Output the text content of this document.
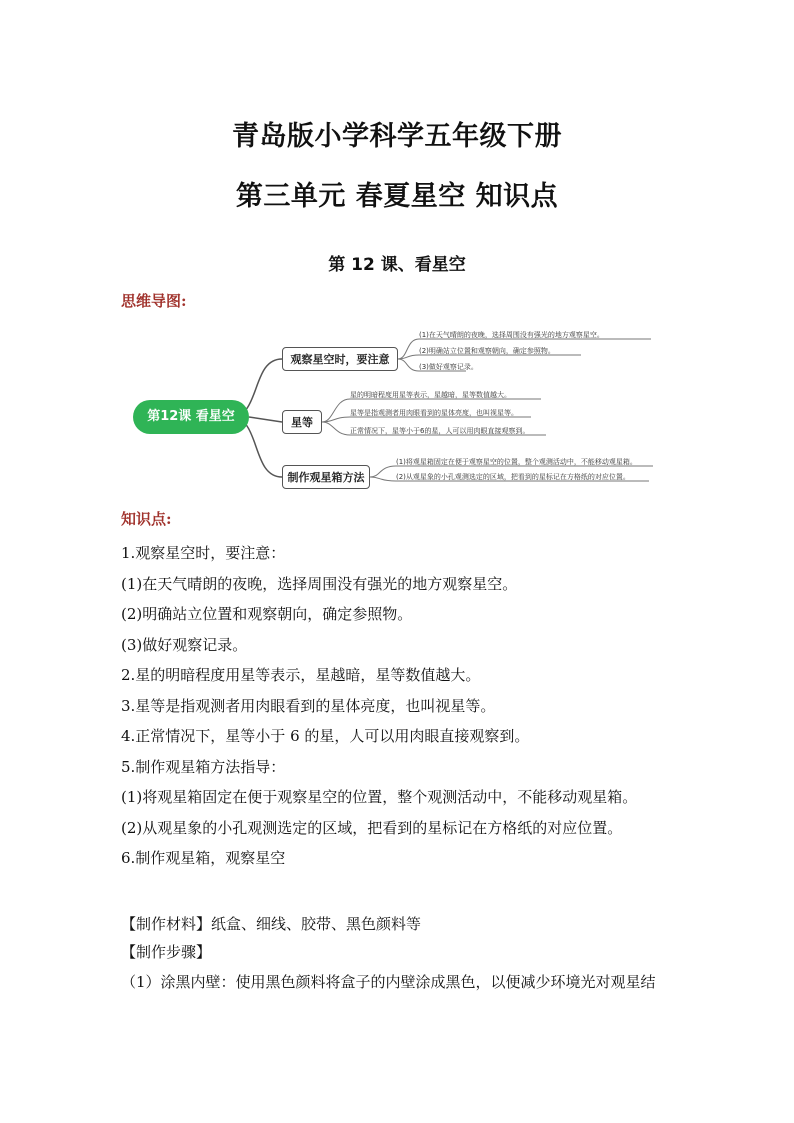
青岛版小学科学五年级下册
第三单元 春夏星空 知识点
第 12 课、看星空
思维导图:
第12课 看星空
观察星空时，要注意
星等
制作观星箱方法
(1)在天气晴朗的夜晚，选择周围没有强光的地方观察星空。
(2)明确站立位置和观察朝向，确定参照物。
(3)做好观察记录。
星的明暗程度用星等表示，星越暗，星等数值越大。
星等是指观测者用肉眼看到的星体亮度，也叫视星等。
正常情况下，星等小于6的星，人可以用肉眼直接观察到。
(1)将观星箱固定在便于观察星空的位置，整个观测活动中，不能移动观星箱。
(2)从观星象的小孔观测选定的区域，把看到的星标记在方格纸的对应位置。
知识点:
1.观察星空时，要注意：
(1)在天气晴朗的夜晚，选择周围没有强光的地方观察星空。
(2)明确站立位置和观察朝向，确定参照物。
(3)做好观察记录。
2.星的明暗程度用星等表示，星越暗，星等数值越大。
3.星等是指观测者用肉眼看到的星体亮度，也叫视星等。
4.正常情况下，星等小于 6 的星，人可以用肉眼直接观察到。
5.制作观星箱方法指导：
(1)将观星箱固定在便于观察星空的位置，整个观测活动中，不能移动观星箱。
(2)从观星象的小孔观测选定的区域，把看到的星标记在方格纸的对应位置。
6.制作观星箱，观察星空
【制作材料】纸盒、细线、胶带、黑色颜料等
【制作步骤】
（1）涂黑内壁：使用黑色颜料将盒子的内壁涂成黑色，以便减少环境光对观星结
